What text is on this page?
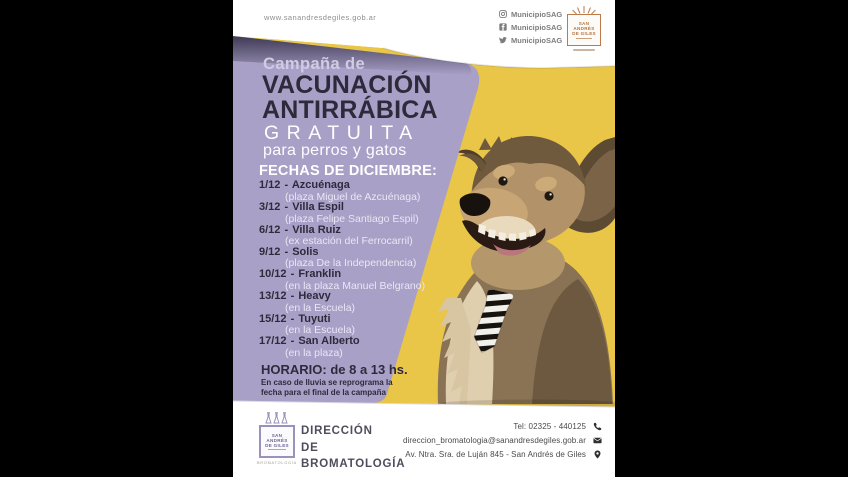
www.sanandresdegiles.gob.ar	MunicipioSAG
MunicipioSAG
MunicipioSAG
SAN
ANDRÉS
DE GILES
Campaña de
VACUNACIÓN
ANTIRRÁBICA
GRATUITA
para perros y gatos
FECHAS DE DICIEMBRE:
1/12 - Azcuénaga
(plaza Miguel de Azcuénaga)
3/12 - Villa Espil
(plaza Felipe Santiago Espil)
6/12 - Villa Ruiz
(ex estación del Ferrocarril)
9/12 - Solis
(plaza De la Independencia)
10/12 - Franklin
(en la plaza Manuel Belgrano)
13/12 - Heavy
(en la Escuela)
15/12 - Tuyuti
(en la Escuela)
17/12 - San Alberto
(en la plaza)
HORARIO: de 8 a 13 hs.
En caso de lluvia se reprograma la
fecha para el final de la campaña
SAN
ANDRÉS
DE GILES
BROMATOLOGÍA
DIRECCIÓN
DE
BROMATOLOGÍA
Tel: 02325 - 440125
direccion_bromatologia@sanandresdegiles.gob.ar
Av. Ntra. Sra. de Luján 845 - San Andrés de Giles
